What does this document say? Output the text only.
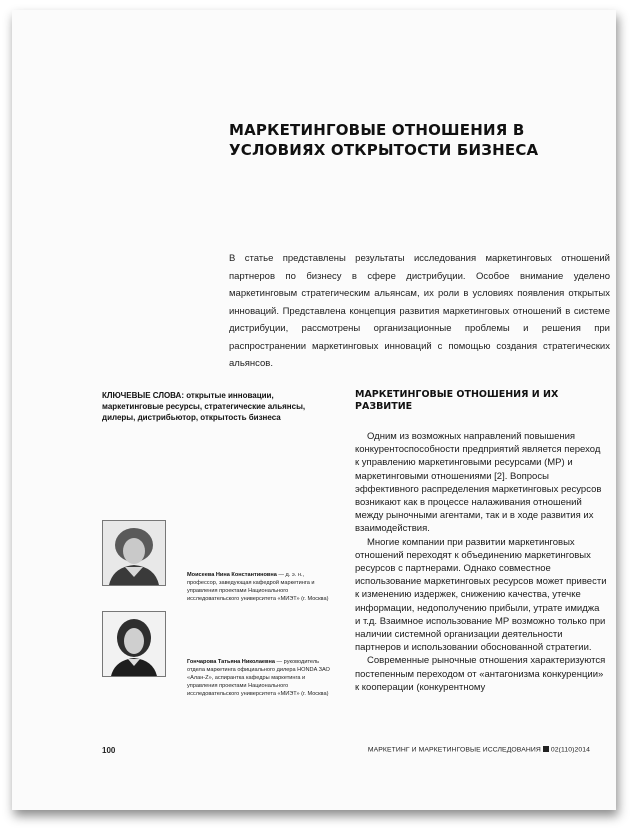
МАРКЕТИНГОВЫЕ ОТНОШЕНИЯ В УСЛОВИЯХ ОТКРЫТОСТИ БИЗНЕСА
В статье представлены результаты исследования маркетинговых отношений партнеров по бизнесу в сфере дистрибуции. Особое внимание уделено маркетинговым стратегическим альянсам, их роли в условиях появления открытых инноваций. Представлена концепция развития маркетинговых отношений в системе дистрибуции, рассмотрены организационные проблемы и решения при распространении маркетинговых инноваций с помощью создания стратегических альянсов.
КЛЮЧЕВЫЕ СЛОВА: открытые инновации, маркетинговые ресурсы, стратегические альянсы, дилеры, дистрибьютор, открытость бизнеса
МАРКЕТИНГОВЫЕ ОТНОШЕНИЯ И ИХ РАЗВИТИЕ

Одним из возможных направлений повышения конкурентоспособности предприятий является переход к управлению маркетинговыми ресурсами (МР) и маркетинговыми отношениями [2]. Вопросы эффективного распределения маркетинговых ресурсов возникают как в процессе налаживания отношений между рыночными агентами, так и в ходе развития их взаимодействия.

Многие компании при развитии маркетинговых отношений переходят к объединению маркетинговых ресурсов с партнерами. Однако совместное использование маркетинговых ресурсов может привести к изменению издержек, снижению качества, утечке информации, недополучению прибыли, утрате имиджа и т.д. Взаимное использование МР возможно только при наличии системной организации деятельности партнеров и использовании обоснованной стратегии.

Современные рыночные отношения характеризуются постепенным переходом от «антагонизма конкуренции» к кооперации (конкурентному

Моисеева Нина Константиновна — д. э. н., профессор, заведующая кафедрой маркетинга и управления проектами Национального исследовательского университета «МИЭТ» (г. Москва)
Гончарова Татьяна Николаевна — руководитель отдела маркетинга официального дилера HONDA ЗАО «Алан-Z», аспирантка кафедры маркетинга и управления проектами Национального исследовательского университета «МИЭТ» (г. Москва)
100	МАРКЕТИНГ И МАРКЕТИНГОВЫЕ ИССЛЕДОВАНИЯ 02(110)2014
